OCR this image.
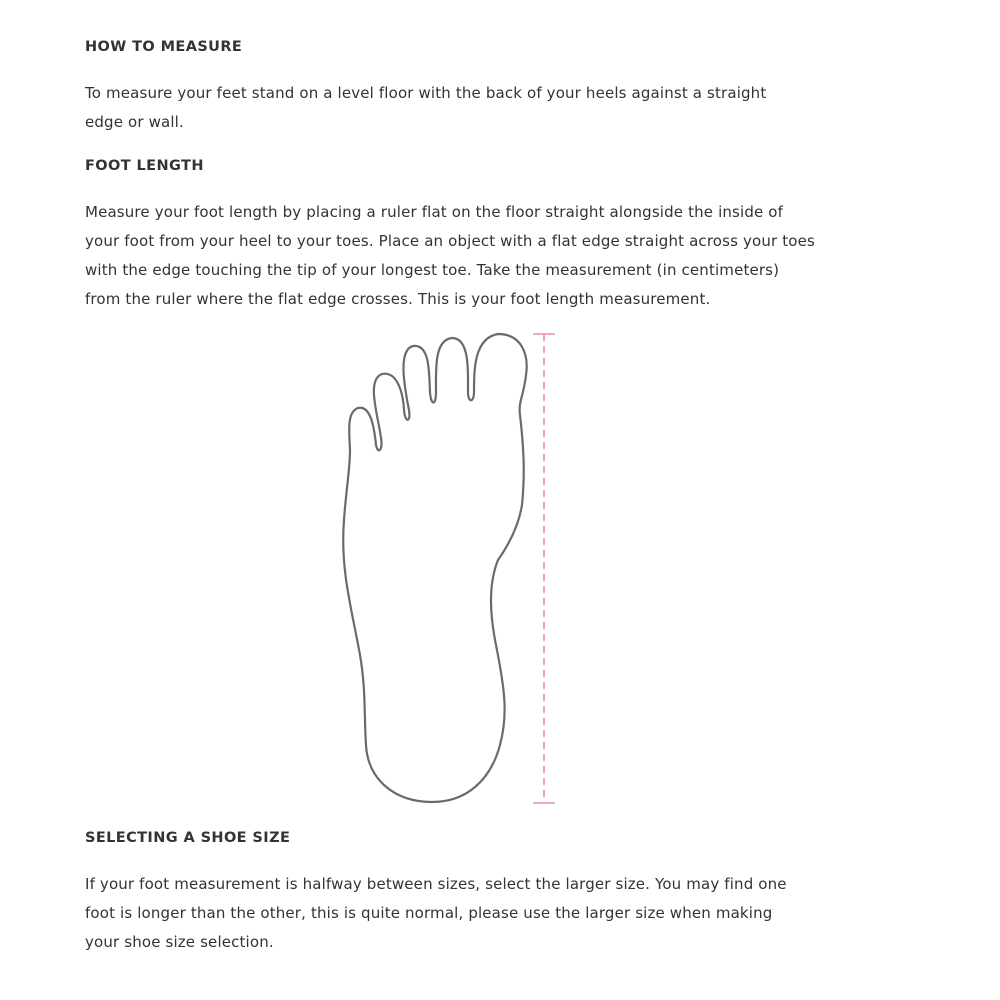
HOW TO MEASURE

To measure your feet stand on a level floor with the back of your heels against a straight edge or wall.

FOOT LENGTH

Measure your foot length by placing a ruler flat on the floor straight alongside the inside of your foot from your heel to your toes. Place an object with a flat edge straight across your toes with the edge touching the tip of your longest toe. Take the measurement (in centimeters) from the ruler where the flat edge crosses. This is your foot length measurement.

SELECTING A SHOE SIZE

If your foot measurement is halfway between sizes, select the larger size. You may find one foot is longer than the other, this is quite normal, please use the larger size when making your shoe size selection.
